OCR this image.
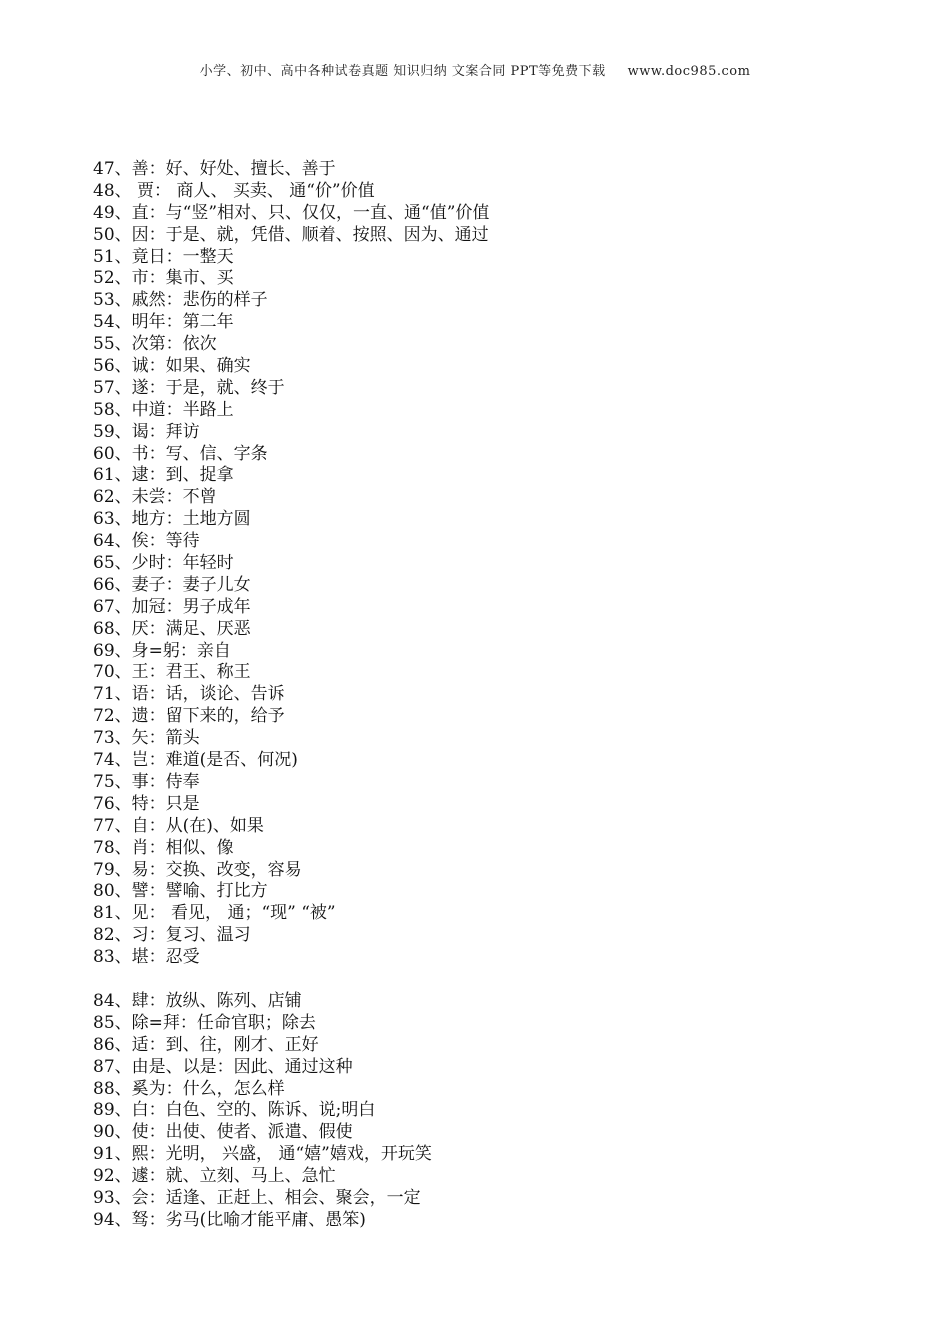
小学、初中、高中各种试卷真题 知识归纳 文案合同 PPT等免费下载 www.doc985.com
47、善：好、好处、擅长、善于
48、 贾： 商人、 买卖、 通“价”价值
49、直：与“竖”相对、只、仅仅，一直、通“值”价值
50、因：于是、就，凭借、顺着、按照、因为、通过
51、竟日：一整天
52、市：集市、买
53、戚然：悲伤的样子
54、明年：第二年
55、次第：依次
56、诚：如果、确实
57、遂：于是，就、终于
58、中道：半路上
59、谒：拜访
60、书：写、信、字条
61、逮：到、捉拿
62、未尝：不曾
63、地方：土地方圆
64、俟：等待
65、少时：年轻时
66、妻子：妻子儿女
67、加冠：男子成年
68、厌：满足、厌恶
69、身=躬：亲自
70、王：君王、称王
71、语：话，谈论、告诉
72、遗：留下来的，给予
73、矢：箭头
74、岂：难道(是否、何况)
75、事：侍奉
76、特：只是
77、自：从(在)、如果
78、肖：相似、像
79、易：交换、改变，容易
80、譬：譬喻、打比方
81、见： 看见， 通；“现” “被”
82、习：复习、温习
83、堪：忍受
84、肆：放纵、陈列、店铺
85、除=拜：任命官职；除去
86、适：到、往，刚才、正好
87、由是、以是：因此、通过这种
88、奚为：什么，怎么样
89、白：白色、空的、陈诉、说;明白
90、使：出使、使者、派遣、假使
91、熙：光明， 兴盛， 通“嬉”嬉戏，开玩笑
92、遽：就、立刻、马上、急忙
93、会：适逢、正赶上、相会、聚会，一定
94、驽：劣马(比喻才能平庸、愚笨)
